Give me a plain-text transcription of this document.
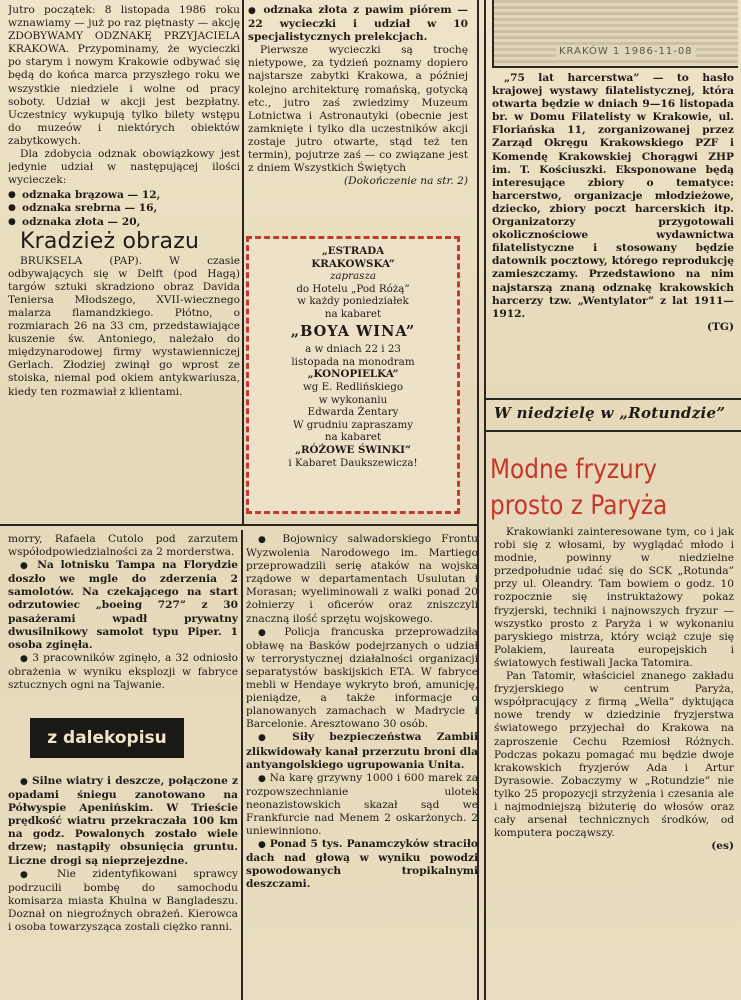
Jutro początek: 8 listopada 1986 roku wznawiamy — już po raz piętnasty — akcję ZDOBYWAMY ODZNAKĘ PRZYJACIELA KRAKOWA. Przypominamy, że wycieczki po starym i nowym Krakowie odbywać się będą do końca marca przyszłego roku we wszystkie niedziele i wolne od pracy soboty. Udział w akcji jest bezpłatny. Uczestnicy wykupują tylko bilety wstępu do muzeów i niektórych obiektów zabytkowych.

Dla zdobycia odznak obowiązkowy jest jedynie udział w następującej ilości wycieczek:

● odznaka brązowa — 12,
● odznaka srebrna — 16,
● odznaka złota — 20,

Kradzież obrazu

BRUKSELA (PAP). W czasie odbywających się w Delft (pod Hagą) targów sztuki skradziono obraz Davida Teniersa Młodszego, XVII-wiecznego malarza flamandzkiego. Płótno, o rozmiarach 26 na 33 cm, przedstawiające kuszenie św. Antoniego, należało do międzynarodowej firmy wystawienniczej Gerlach. Złodziej zwinął go wprost ze stoiska, niemal pod okiem antykwariusza, kiedy ten rozmawiał z klientami.

● odznaka złota z pawim piórem — 22 wycieczki i udział w 10 specjalistycznych prelekcjach.

Pierwsze wycieczki są trochę nietypowe, za tydzień poznamy dopiero najstarsze zabytki Krakowa, a później kolejno architekturę romańską, gotycką etc., jutro zaś zwiedzimy Muzeum Lotnictwa i Astronautyki (obecnie jest zamknięte i tylko dla uczestników akcji zostaje jutro otwarte, stąd też ten termin), pojutrze zaś — co związane jest z dniem Wszystkich Świętych

(Dokończenie na str. 2)

„ESTRADA
KRAKOWSKA”
zaprasza
do Hotelu „Pod Różą”
w każdy poniedziałek
na kabaret
„BOYA WINA”
a w dniach 22 i 23
listopada na monodram
„KONOPIELKA”
wg E. Redlińskiego
w wykonaniu
Edwarda Żentary
W grudniu zapraszamy
na kabaret
„RÓŻOWE ŚWINKI”
i Kabaret Daukszewicza!
KRAKÓW 1 1986-11-08

„75 lat harcerstwa” — to hasło krajowej wystawy filatelistycznej, która otwarta będzie w dniach 9—16 listopada br. w Domu Filatelisty w Krakowie, ul. Floriańska 11, zorganizowanej przez Zarząd Okręgu Krakowskiego PZF i Komendę Krakowskiej Chorągwi ZHP im. T. Kościuszki. Eksponowane będą interesujące zbiory o tematyce: harcerstwo, organizacje młodzieżowe, dziecko, zbiory poczt harcerskich itp. Organizatorzy przygotowali okolicznościowe wydawnictwa filatelistyczne i stosowany będzie datownik pocztowy, którego reprodukcję zamieszczamy. Przedstawiono na nim najstarszą znaną odznakę krakowskich harcerzy tzw. „Wentylator” z lat 1911—1912.

(TG)

W niedzielę w „Rotundzie”
Modne fryzury
prosto z Paryża

Krakowianki zainteresowane tym, co i jak robi się z włosami, by wyglądać młodo i modnie, powinny w niedzielne przedpołudnie udać się do SCK „Rotunda” przy ul. Oleandry. Tam bowiem o godz. 10 rozpocznie się instruktażowy pokaz fryzjerski, techniki i najnowszych fryzur — wszystko prosto z Paryża i w wykonaniu paryskiego mistrza, który wciąż czuje się Polakiem, laureata europejskich i światowych festiwali Jacka Tatomira.

Pan Tatomir, właściciel znanego zakładu fryzjerskiego w centrum Paryża, współpracujący z firmą „Wella” dyktująca nowe trendy w dziedzinie fryzjerstwa światowego przyjechał do Krakowa na zaproszenie Cechu Rzemiosł Różnych. Podczas pokazu pomagać mu będzie dwoje krakowskich fryzjerów Ada i Artur Dyrasowie. Zobaczymy w „Rotundzie” nie tylko 25 propozycji strzyżenia i czesania ale i najmodniejszą biżuterię do włosów oraz cały arsenał technicznych środków, od komputera począwszy.

(es)

morry, Rafaela Cutolo pod zarzutem współodpowiedzialności za 2 morderstwa.

● Na lotnisku Tampa na Florydzie doszło we mgle do zderzenia 2 samolotów. Na czekającego na start odrzutowiec „boeing 727” z 30 pasażerami wpadł prywatny dwusilnikowy samolot typu Piper. 1 osoba zginęła.

● 3 pracowników zginęło, a 32 odniosło obrażenia w wyniku eksplozji w fabryce sztucznych ogni na Tajwanie.

z dalekopisu

● Silne wiatry i deszcze, połączone z opadami śniegu zanotowano na Półwyspie Apenińskim. W Trieście prędkość wiatru przekraczała 100 km na godz. Powalonych zostało wiele drzew; nastąpiły obsunięcia gruntu. Liczne drogi są nieprzejezdne.

● Nie zidentyfikowani sprawcy podrzucili bombę do samochodu komisarza miasta Khulna w Bangladeszu. Doznał on niegroźnych obrażeń. Kierowca i osoba towarzysząca zostali ciężko ranni.

● Bojownicy salwadorskiego Frontu Wyzwolenia Narodowego im. Martiego przeprowadzili serię ataków na wojska rządowe w departamentach Usulutan i Morasan; wyeliminowali z walki ponad 20 żołnierzy i oficerów oraz zniszczyli znaczną ilość sprzętu wojskowego.

● Policja francuska przeprowadziła obławę na Basków podejrzanych o udział w terrorystycznej działalności organizacji separatystów baskijskich ETA. W fabryce mebli w Hendaye wykryto broń, amunicję, pieniądze, a także informacje o planowanych zamachach w Madrycie i Barcelonie. Aresztowano 30 osób.

● Siły bezpieczeństwa Zambii zlikwidowały kanał przerzutu broni dla antyangolskiego ugrupowania Unita.

● Na karę grzywny 1000 i 600 marek za rozpowszechnianie ulotek neonazistowskich skazał sąd we Frankfurcie nad Menem 2 oskarżonych. 2 uniewinniono.

● Ponad 5 tys. Panamczyków straciło dach nad głową w wyniku powodzi spowodowanych tropikalnymi deszczami.
